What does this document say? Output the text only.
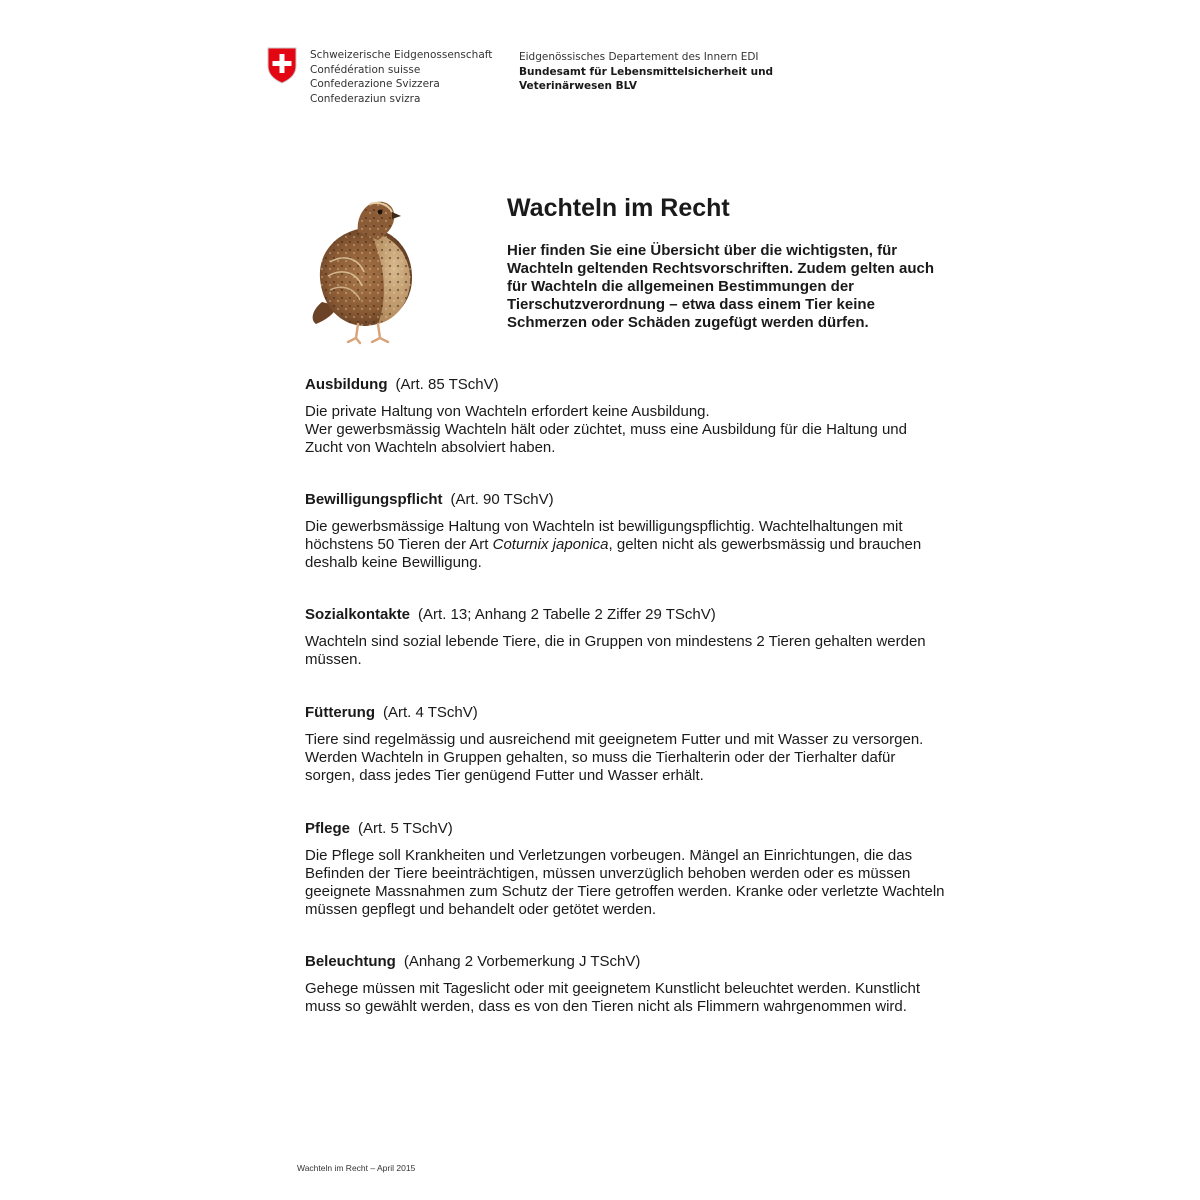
Schweizerische Eidgenossenschaft
Confédération suisse
Confederazione Svizzera
Confederaziun svizra
Eidgenössisches Departement des Innern EDI
Bundesamt für Lebensmittelsicherheit und
Veterinärwesen BLV
Wachteln im Recht

Hier finden Sie eine Übersicht über die wichtigsten, für Wachteln geltenden Rechtsvorschriften. Zudem gelten auch für Wachteln die allgemeinen Bestimmungen der Tierschutzverordnung – etwa dass einem Tier keine Schmerzen oder Schäden zugefügt werden dürfen.

Ausbildung (Art. 85 TSchV)

Die private Haltung von Wachteln erfordert keine Ausbildung.
Wer gewerbsmässig Wachteln hält oder züchtet, muss eine Ausbildung für die Haltung und Zucht von Wachteln absolviert haben.

Bewilligungspflicht (Art. 90 TSchV)

Die gewerbsmässige Haltung von Wachteln ist bewilligungspflichtig. Wachtelhaltungen mit höchstens 50 Tieren der Art Coturnix japonica, gelten nicht als gewerbsmässig und brauchen deshalb keine Bewilligung.

Sozialkontakte (Art. 13; Anhang 2 Tabelle 2 Ziffer 29 TSchV)

Wachteln sind sozial lebende Tiere, die in Gruppen von mindestens 2 Tieren gehalten werden müssen.

Fütterung (Art. 4 TSchV)

Tiere sind regelmässig und ausreichend mit geeignetem Futter und mit Wasser zu versorgen. Werden Wachteln in Gruppen gehalten, so muss die Tierhalterin oder der Tierhalter dafür sorgen, dass jedes Tier genügend Futter und Wasser erhält.

Pflege (Art. 5 TSchV)

Die Pflege soll Krankheiten und Verletzungen vorbeugen. Mängel an Einrichtungen, die das Befinden der Tiere beeinträchtigen, müssen unverzüglich behoben werden oder es müssen geeignete Massnahmen zum Schutz der Tiere getroffen werden. Kranke oder verletzte Wachteln müssen gepflegt und behandelt oder getötet werden.

Beleuchtung (Anhang 2 Vorbemerkung J TSchV)

Gehege müssen mit Tageslicht oder mit geeignetem Kunstlicht beleuchtet werden. Kunstlicht muss so gewählt werden, dass es von den Tieren nicht als Flimmern wahrgenommen wird.

Wachteln im Recht – April 2015
